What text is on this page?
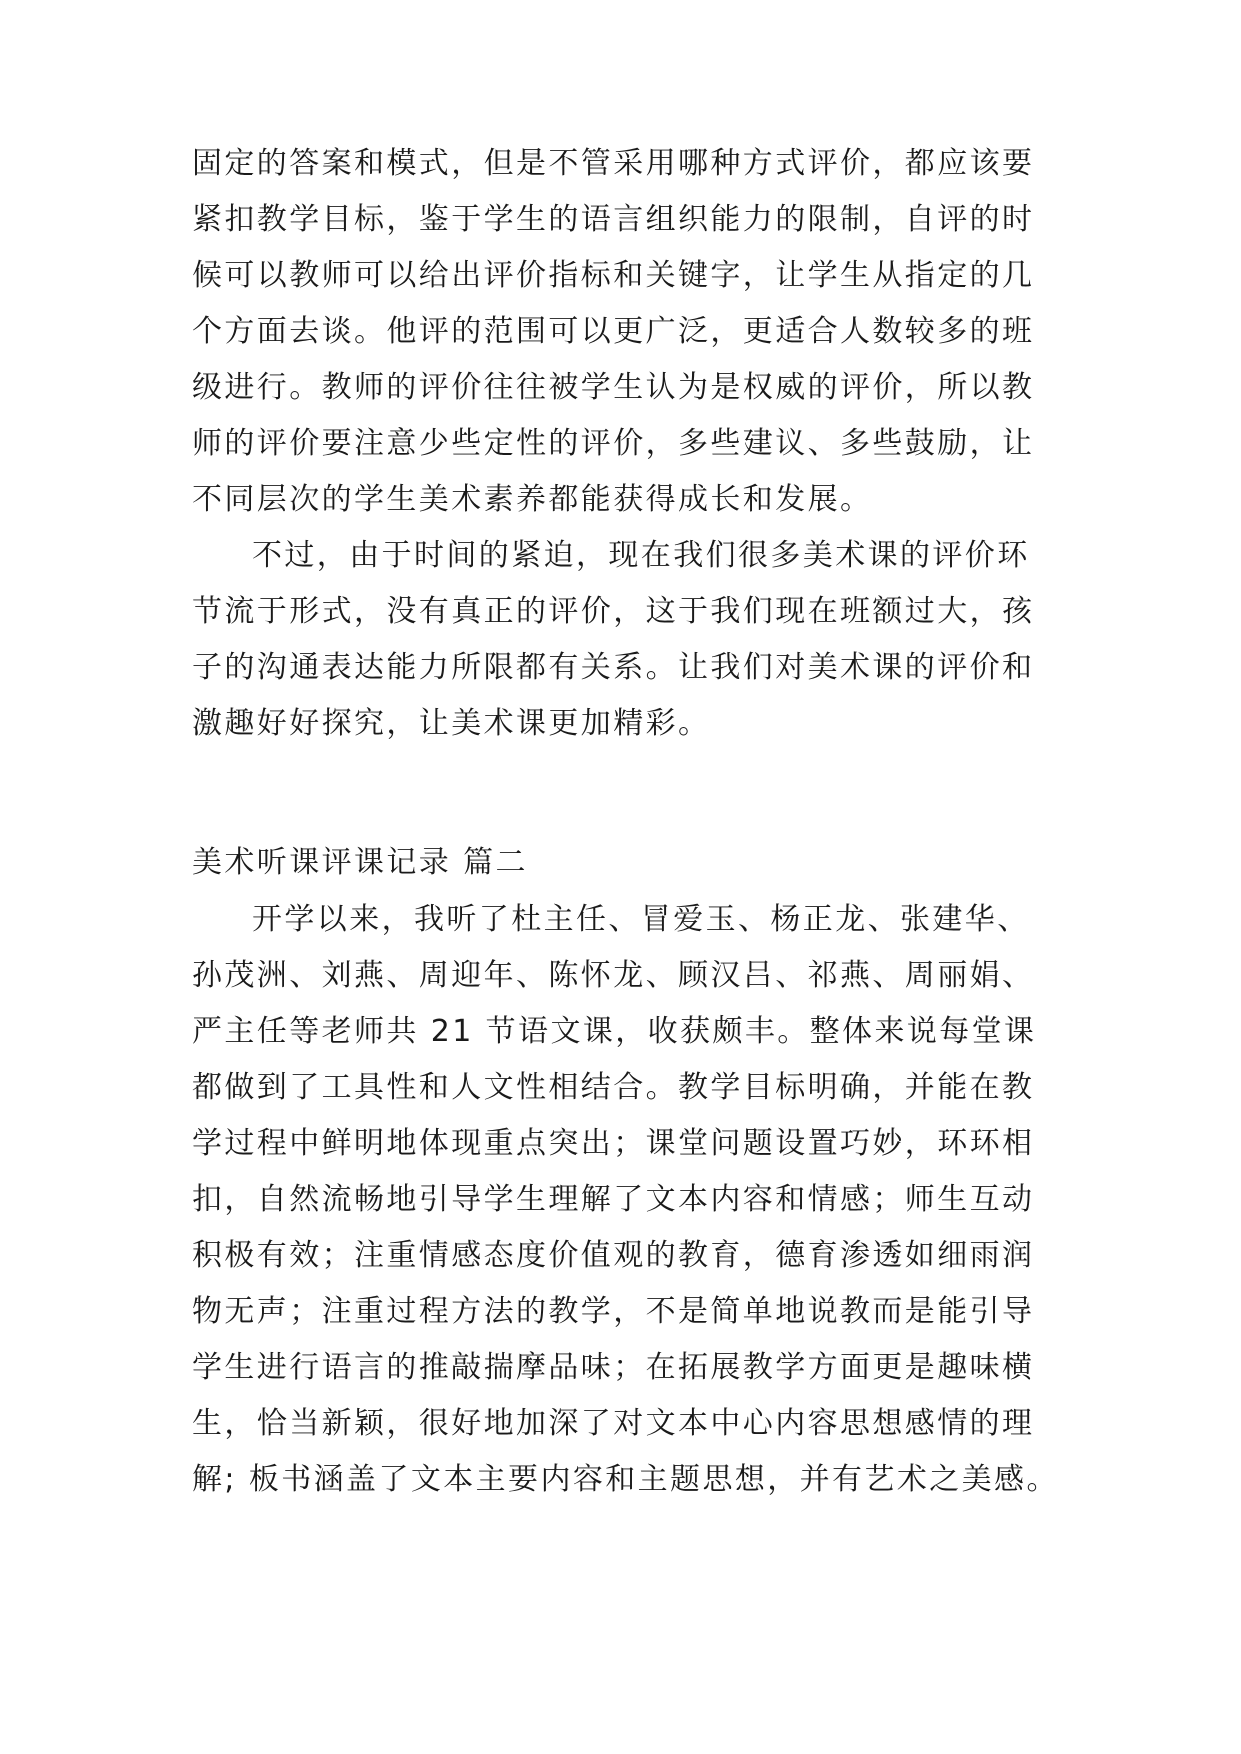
固定的答案和模式，但是不管采用哪种方式评价，都应该要
紧扣教学目标，鉴于学生的语言组织能力的限制，自评的时
候可以教师可以给出评价指标和关键字，让学生从指定的几
个方面去谈。他评的范围可以更广泛，更适合人数较多的班
级进行。教师的评价往往被学生认为是权威的评价，所以教
师的评价要注意少些定性的评价，多些建议、多些鼓励，让
不同层次的学生美术素养都能获得成长和发展。
不过，由于时间的紧迫，现在我们很多美术课的评价环
节流于形式，没有真正的评价，这于我们现在班额过大，孩
子的沟通表达能力所限都有关系。让我们对美术课的评价和
激趣好好探究，让美术课更加精彩。
美术听课评课记录 篇二
开学以来，我听了杜主任、冒爱玉、杨正龙、张建华、
孙茂洲、刘燕、周迎年、陈怀龙、顾汉吕、祁燕、周丽娟、
严主任等老师共 21 节语文课，收获颇丰。整体来说每堂课
都做到了工具性和人文性相结合。教学目标明确，并能在教
学过程中鲜明地体现重点突出；课堂问题设置巧妙，环环相
扣，自然流畅地引导学生理解了文本内容和情感；师生互动
积极有效；注重情感态度价值观的教育，德育渗透如细雨润
物无声；注重过程方法的教学，不是简单地说教而是能引导
学生进行语言的推敲揣摩品味；在拓展教学方面更是趣味横
生，恰当新颖，很好地加深了对文本中心内容思想感情的理
解; 板书涵盖了文本主要内容和主题思想，并有艺术之美感。
